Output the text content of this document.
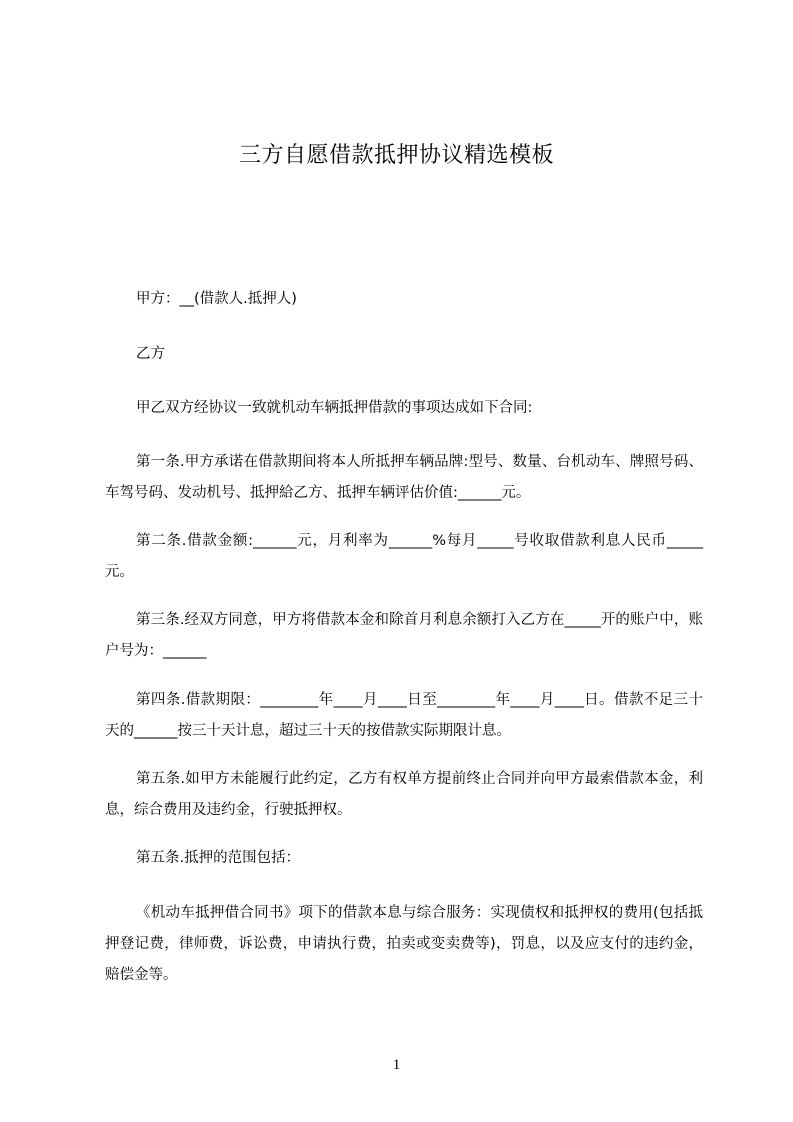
三方自愿借款抵押协议精选模板

甲方：__(借款人.抵押人)

乙方

甲乙双方经协议一致就机动车辆抵押借款的事项达成如下合同:

第一条.甲方承诺在借款期间将本人所抵押车辆品牌:型号、数量、台机动车、牌照号码、车驾号码、发动机号、抵押給乙方、抵押车辆评估价值:______元。

第二条.借款金额:______元，月利率为______%每月_____号收取借款利息人民币_____元。

第三条.经双方同意，甲方将借款本金和除首月利息余额打入乙方在_____开的账户中，账户号为：______

第四条.借款期限：________年____月____日至________年____月____日。借款不足三十天的______按三十天计息，超过三十天的按借款实际期限计息。

第五条.如甲方未能履行此约定，乙方有权单方提前终止合同并向甲方最索借款本金，利息，综合费用及违约金，行驶抵押权。

第五条.抵押的范围包括：

《机动车抵押借合同书》项下的借款本息与综合服务：实现债权和抵押权的费用(包括抵押登记费，律师费，诉讼费，申请执行费，拍卖或变卖费等)，罚息，以及应支付的违约金，赔偿金等。

1
